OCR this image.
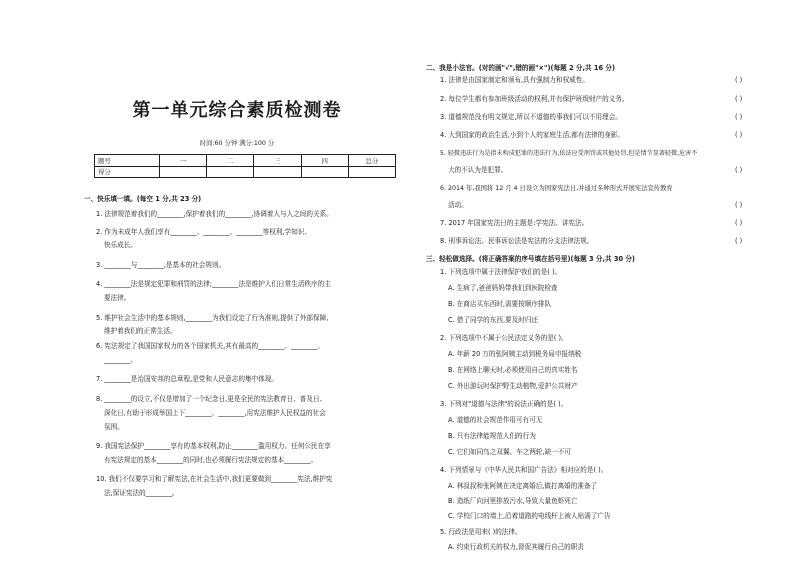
第一单元综合素质检测卷
时间:60 分钟 满分:100 分
题号	一	二	三	四	总分
得分					
一、快乐填一填。(每空 1 分,共 23 分)
1. 法律规范着我们的________,保护着我们的________,协调着人与人之间的关系。
2. 作为未成年人我们享有________、________、________等权利,学知识、
快乐成长。
3. ________与________,是基本的社会规则。
4. ________法是规定犯罪和刑罚的法律;________法是维护人们日常生活秩序的主
要法律。
5. 维护社会生活中的基本规则,________为我们设定了行为准则,提供了外部保障,
维护着我们的正常生活。
6. 宪法规定了我国国家权力的各个国家机关,其有最高的________、________、
________。
7. ________是治国安邦的总章程,是党和人民意志的集中体现。
8. ________的设立,不仅是增加了一个纪念日,更是全民的宪法教育日、普及日、
深化日,有助于形成举国上下________、________,用宪法维护人民权益的社会
氛围。
9. 我国宪法保护________享有的基本权利,防止________滥用权力。任何公民在享
有宪法规定的基本________的同时,也必须履行宪法规定的基本________。
10. 我们不仅要学习和了解宪法,在社会生活中,我们更要做到________宪法,维护宪
法,保证宪法的________。
二、我是小法官。(对的画"√",错的画"×")(每题 2 分,共 16 分)
1. 法律是由国家制定和颁布,具有强制力和权威性。	( )
2. 每位学生都有参加班级活动的权利,并有保护班级财产的义务。	( )
3. 道德规范没有明文规定,所以不道德的事我们可以不用理会。	( )
4. 大到国家的政治生活,小到个人的家庭生活,都有法律的身影。	( )
5. 轻微违法行为是指未构成犯罪的违法行为,依法应受刑罚或其他处罚,但是情节显著轻微,危害不
大的不认为是犯罪。	( )
6. 2014 年,我国将 12 月 4 日设立为国家宪法日,并通过多种形式开展宪法宣传教育
活动。	( )
7. 2017 年国家宪法日的主题是:学宪法、讲宪法。	( )
8. 刑事诉讼法、民事诉讼法是宪法的分支法律法规。	( )
三、轻松做选择。(将正确答案的序号填在括号里)(每题 3 分,共 30 分)
1. 下列选项中属于法律保护我们的是( )。
A. 生病了,爸爸妈妈带我们到医院检查
B. 在商店买东西时,需要按顺序排队
C. 借了同学的东西,要及时归还
2. 下列选项中不属于公民法定义务的是( )。
A. 年薪 20 万的张阿姨主动到税务局申报纳税
B. 在网络上聊天时,必须使用自己的真实姓名
C. 外出游玩时保护野生动植物,爱护公共财产
3. 下列对"道德与法律"的说法正确的是( )。
A. 道德的社会规范作用可有可无
B. 只有法律能规范人们的行为
C. 它们如同鸟之双翼、车之两轮,缺一不可
4. 下列情景与《中华人民共和国广告法》相对应的是( )。
A. 林叔叔和张阿姨在决定离婚后,做打离婚的准备了
B. 造纸厂向河里排放污水,导致大量鱼虾死亡
C. 学校门口的墙上,沿着道路的电线杆上被人贴满了广告
5. 行政法是用来( )的法律。
A. 约束行政机关的权力,督促其履行自己的职责
